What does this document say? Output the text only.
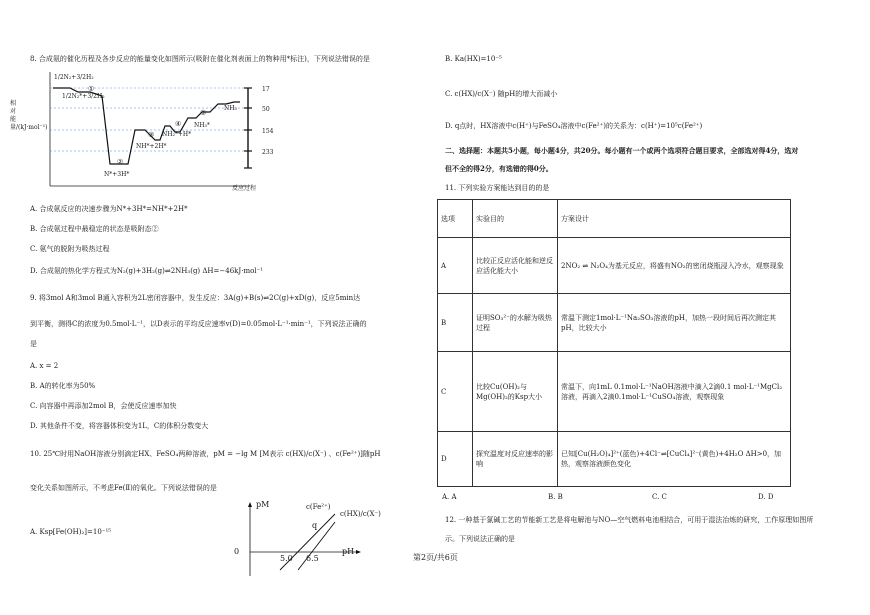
8. 合成氨的催化历程及各步反应的能量变化如图所示(吸附在催化剂表面上的物种用*标注)，下列说法错误的是
相对能量/(kJ·mol⁻¹)
1/2N₂+3/2H₂
1/2N₂*+3/2H₂
N*+3H*
NH*+2H*
NH₂*+H*
NH₃*
NH₃
①
②
③
④
⑤
17
50
154
233
反应过程
A. 合成氨反应的决速步骤为N*+3H*=NH*+2H*
B. 合成氨过程中最稳定的状态是吸附态②
C. 氨气的脱附为吸热过程
D. 合成氨的热化学方程式为N₂(g)+3H₂(g)⇌2NH₃(g) ΔH=−46kJ·mol⁻¹
9. 将3mol A和3mol B通入容积为2L密闭容器中，发生反应：3A(g)+B(s)⇌2C(g)+xD(g)，反应5min达
到平衡，测得C的浓度为0.5mol·L⁻¹，以D表示的平均反应速率v(D)=0.05mol·L⁻¹·min⁻¹，下列说法正确的
是
A. x = 2
B. A的转化率为50%
C. 向容器中再添加2mol B，会使反应速率加快
D. 其他条件不变，将容器体积变为1L，C的体积分数变大
10. 25℃时用NaOH溶液分别滴定HX、FeSO₄两种溶液，pM = −lg M [M表示 c(HX)/c(X⁻) 、c(Fe²⁺)]随pH
变化关系如图所示，不考虑Fe(Ⅱ)的氧化。下列说法错误的是
A. Ksp[Fe(OH)₂]=10⁻¹⁵
pM
0
5.0 6.5
pH
q
c(Fe²⁺)
c(HX)/c(X⁻)
B. Ka(HX)=10⁻⁵
C. c(HX)/c(X⁻) 随pH的增大而减小
D. q点时，HX溶液中c(H⁺)与FeSO₄溶液中c(Fe²⁺)的关系为：c(H⁺)=10⁵c(Fe²⁺)
二、选择题：本题共5小题，每小题4分，共20分。每小题有一个或两个选项符合题目要求，全部选对得4分，选对
但不全的得2分，有选错的得0分。
11. 下列实验方案能达到目的的是
选项	实验目的	方案设计
A	比较正反应活化能和逆反应活化能大小	2NO₂ ⇌ N₂O₄为基元反应，将盛有NO₂的密闭烧瓶浸入冷水，观察现象
B	证明SO₃²⁻的水解为吸热过程	常温下测定1mol·L⁻¹Na₂SO₃溶液的pH，加热一段时间后再次测定其pH，比较大小
C	比较Cu(OH)₂与Mg(OH)₂的Ksp大小	常温下，向1mL 0.1mol·L⁻¹NaOH溶液中滴入2滴0.1 mol·L⁻¹MgCl₂溶液，再滴入2滴0.1mol·L⁻¹CuSO₄溶液，观察现象
D	探究温度对反应速率的影响	已知[Cu(H₂O)₄]²⁺(蓝色)+4Cl⁻⇌[CuCl₄]²⁻(黄色)+4H₂O ΔH>0，加热，观察溶液颜色变化
A. A	B. B	C. C	D. D
12. 一种基于氯碱工艺的节能新工艺是将电解池与NO—空气燃料电池相结合，可用于湿法冶炼的研究，工作原理如图所
示。下列说法正确的是
第2页/共6页
